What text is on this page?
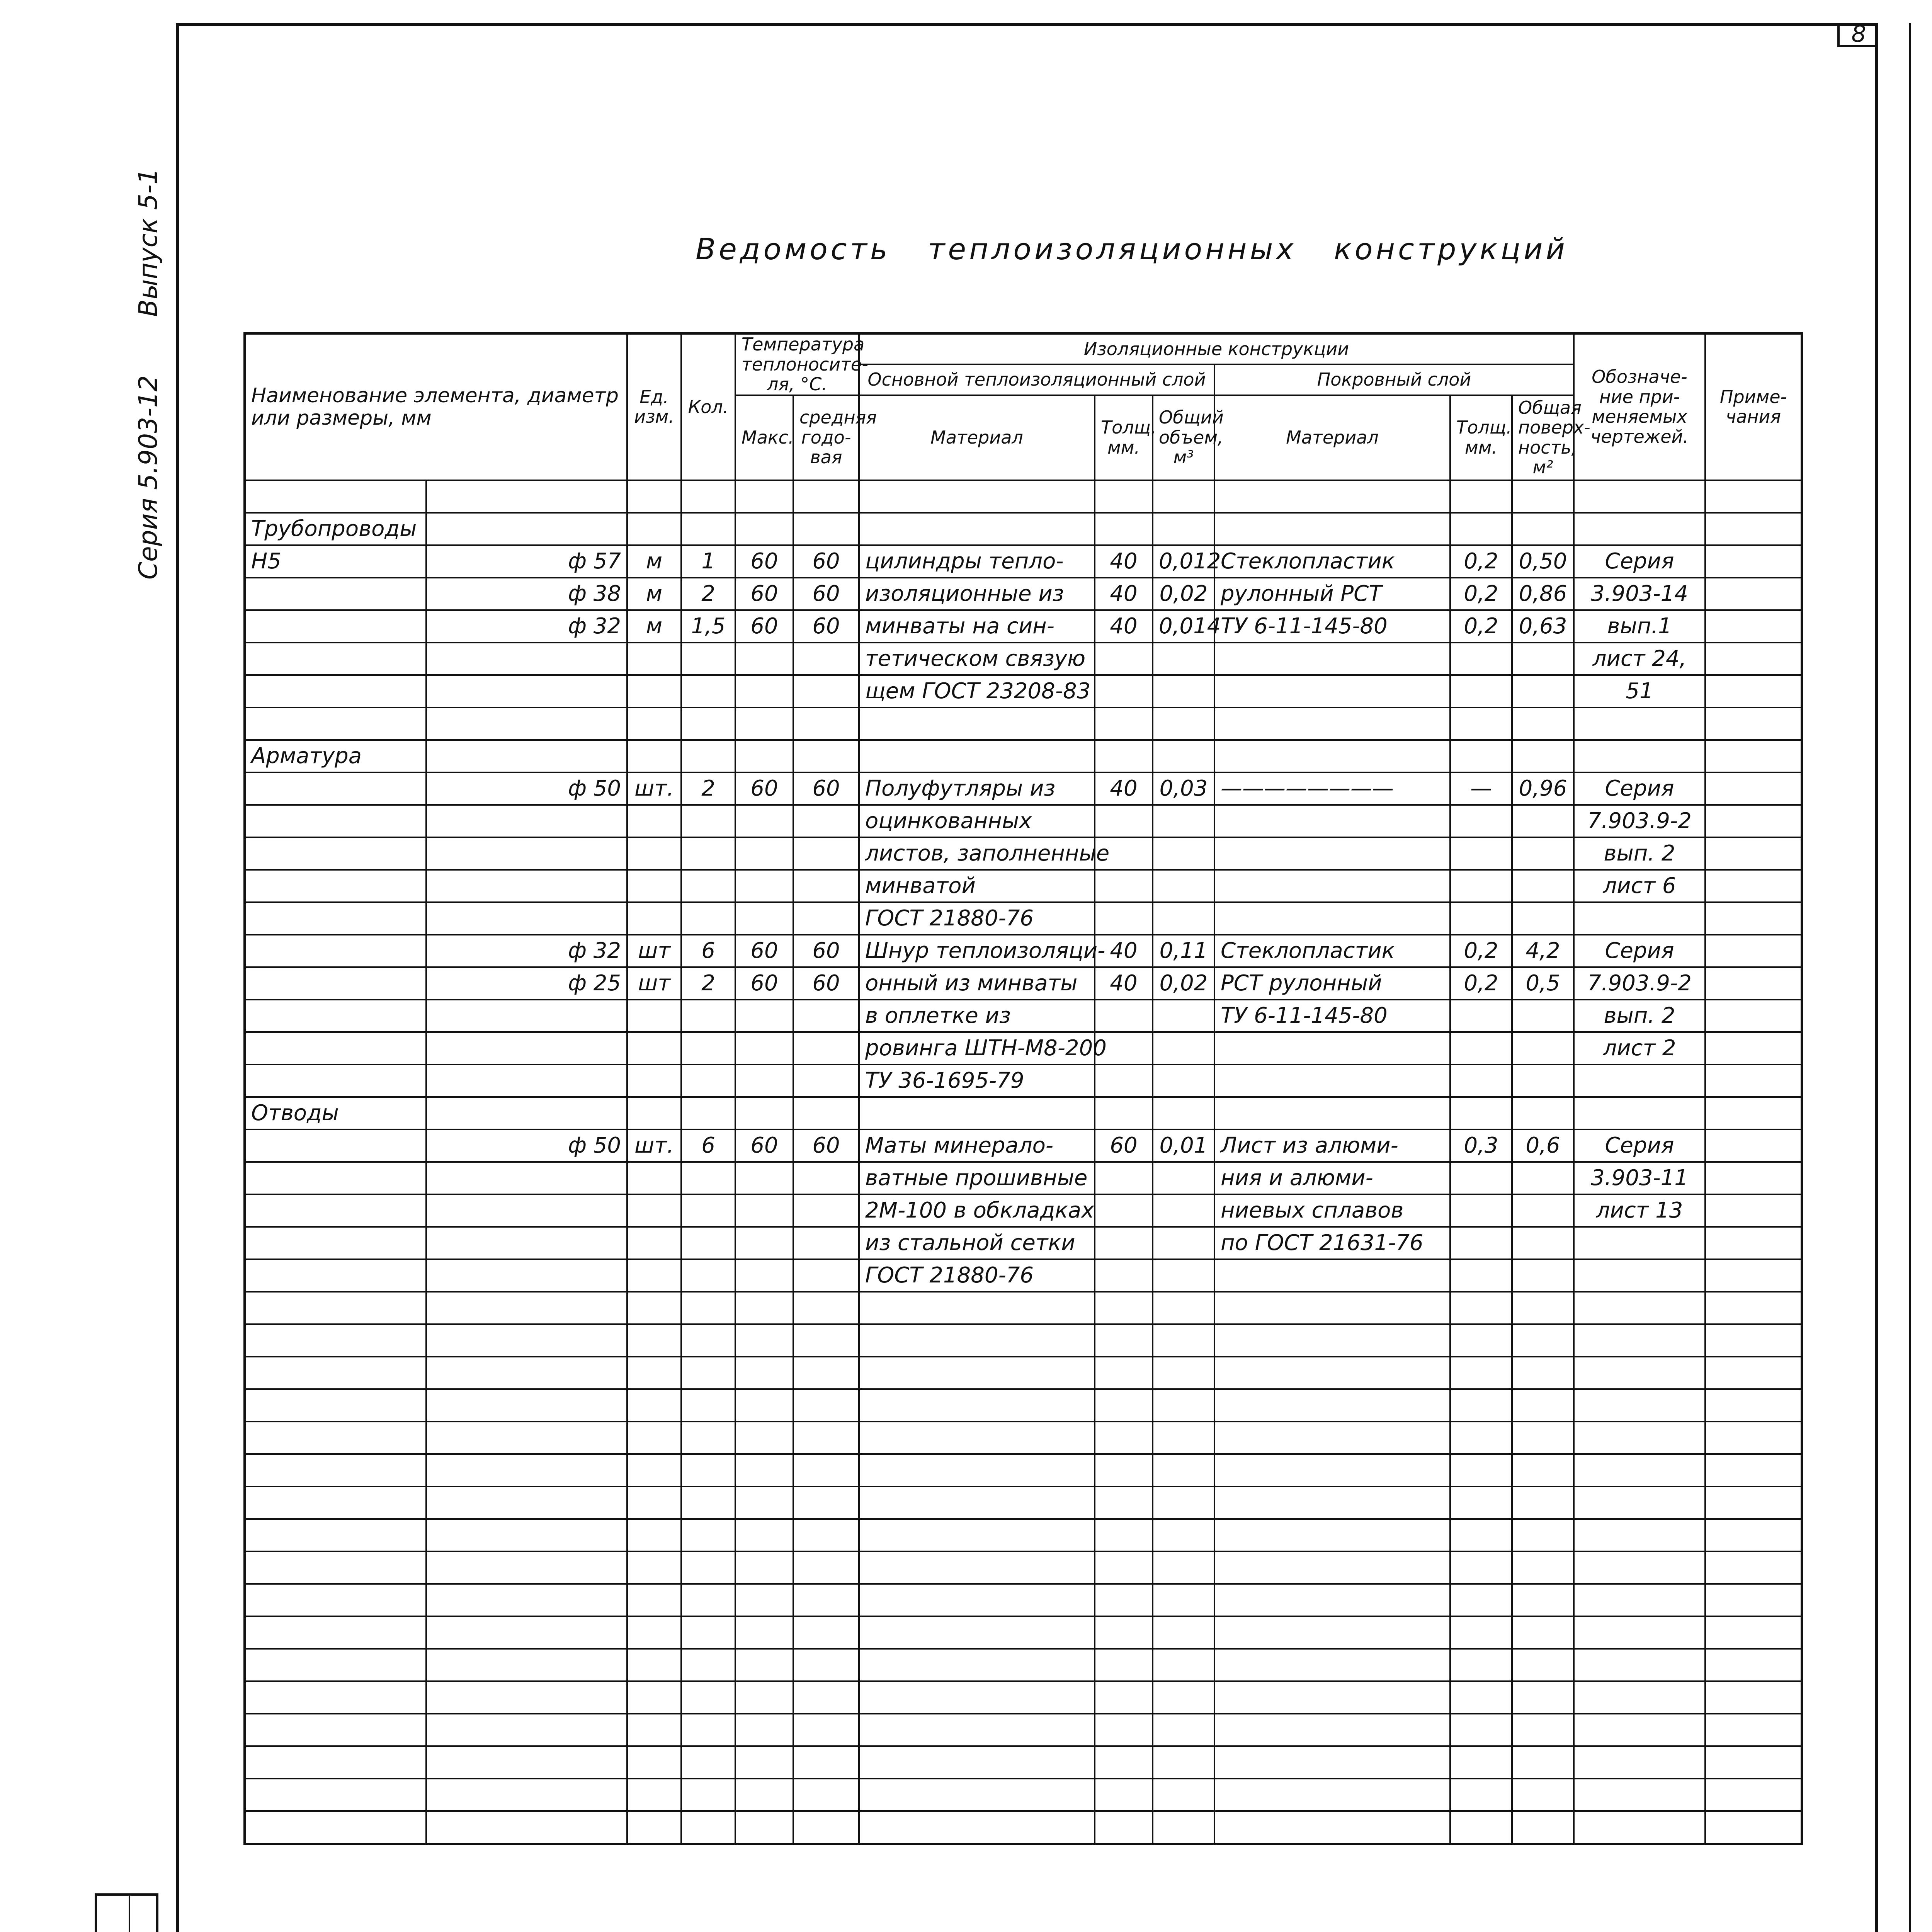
8
Серия 5.903-12
Выпуск 5-1	Ведомость   теплоизоляционных   конструкций
Наименование элемента, диаметр или размеры, мм		Ед. изм.	Кол.	Температура теплоносите-ля, °С.		Изоляционные конструкции						Обозначе-ние при-меняемых чертежей.	Приме-чания
						Основной теплоизоляционный слой			Покровный слой				
				Макс.	средняя годо-вая	Материал	Толщ. мм.	Общий объем, м³	Материал	Толщ. мм.	Общая поверх-ность, м²		

Трубопроводы													
Н5	ф 57	м	1	60	60	цилиндры тепло-	40	0,012	Стеклопластик	0,2	0,50	Серия	
	ф 38	м	2	60	60	изоляционные из	40	0,02	рулонный РСТ	0,2	0,86	3.903-14	
	ф 32	м	1,5	60	60	минваты на син-	40	0,014	ТУ 6-11-145-80	0,2	0,63	вып.1	
						тетическом связую						лист 24,	
						щем ГОСТ 23208-83						51	

Арматура													
	ф 50	шт.	2	60	60	Полуфутляры из	40	0,03	————————	—	0,96	Серия	
						оцинкованных						7.903.9-2	
						листов, заполненные						вып. 2	
						минватой						лист 6	
						ГОСТ 21880-76							
	ф 32	шт	6	60	60	Шнур теплоизоляци-	40	0,11	Стеклопластик	0,2	4,2	Серия	
	ф 25	шт	2	60	60	онный из минваты	40	0,02	РСТ рулонный	0,2	0,5	7.903.9-2	
						в оплетке из			ТУ 6-11-145-80			вып. 2	
						ровинга ШТН-М8-200						лист 2	
						ТУ 36-1695-79							
Отводы													
	ф 50	шт.	6	60	60	Маты минерало-	60	0,01	Лист из алюми-	0,3	0,6	Серия	
						ватные прошивные			ния и алюми-			3.903-11	
						2М-100 в обкладках			ниевых сплавов			лист 13	
						из стальной сетки			по ГОСТ 21631-76				
						ГОСТ 21880-76							
